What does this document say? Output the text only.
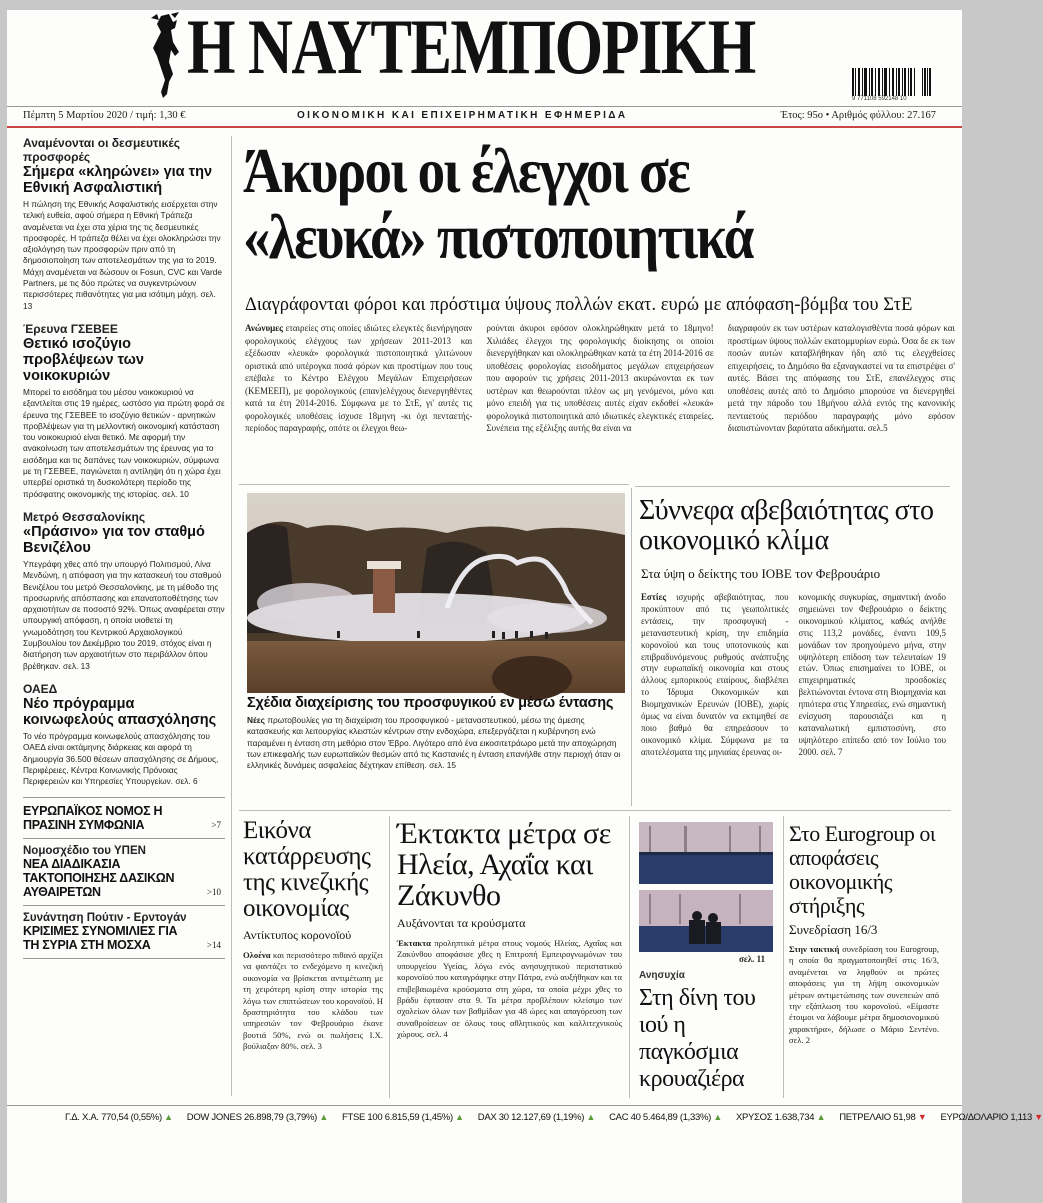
Η ΝΑΥΤΕΜΠΟΡΙΚΗ
9 771108 592148 10
Πέμπτη 5 Μαρτίου 2020 / τιμή: 1,30 €	ΟΙΚΟΝΟΜΙΚΗ ΚΑΙ ΕΠΙΧΕΙΡΗΜΑΤΙΚΗ ΕΦΗΜΕΡΙΔΑ	Έτος: 95ο • Αριθμός φύλλου: 27.167
Αναμένονται οι δεσμευτικές προσφορές
Σήμερα «κληρώνει» για την Εθνική Ασφαλιστική
Η πώληση της Εθνικής Ασφαλιστικής εισέρχεται στην τελική ευθεία, αφού σήμερα η Εθνική Τράπεζα αναμένεται να έχει στα χέρια της τις δεσμευτικές προσφορές. Η τράπεζα θέλει να έχει ολοκληρώσει την αξιολόγηση των προσφορών πριν από τη δημοσιοποίηση των αποτελεσμάτων της για το 2019. Μάχη αναμένεται να δώσουν οι Fosun, CVC και Varde Partners, με τις δύο πρώτες να συγκεντρώνουν περισσότερες πιθανότητες για μια ισότιμη μάχη. σελ. 13
Έρευνα ΓΣΕΒΕΕ
Θετικό ισοζύγιο προβλέψεων των νοικοκυριών
Μπορεί το εισόδημα του μέσου νοικοκυριού να εξαντλείται στις 19 ημέρες, ωστόσο για πρώτη φορά σε έρευνα της ΓΣΕΒΕΕ το ισοζύγιο θετικών - αρνητικών προβλέψεων για τη μελλοντική οικονομική κατάσταση του νοικοκυριού είναι θετικό. Με αφορμή την ανακοίνωση των αποτελεσμάτων της έρευνας για το εισόδημα και τις δαπάνες των νοικοκυριών, σύμφωνα με τη ΓΣΕΒΕΕ, παγιώνεται η αντίληψη ότι η χώρα έχει υπερβεί οριστικά τη δυσκολότερη περίοδο της πρόσφατης οικονομικής της ιστορίας. σελ. 10
Μετρό Θεσσαλονίκης
«Πράσινο» για τον σταθμό Βενιζέλου
Υπεγράφη χθες από την υπουργό Πολιτισμού, Λίνα Μενδώνη, η απόφαση για την κατασκευή του σταθμού Βενιζέλου του μετρό Θεσσαλονίκης, με τη μέθοδο της προσωρινής απόσπασης και επανατοποθέτησης των αρχαιοτήτων σε ποσοστό 92%. Όπως αναφέρεται στην υπουργική απόφαση, η οποία υιοθετεί τη γνωμοδότηση του Κεντρικού Αρχαιολογικού Συμβουλίου τον Δεκέμβριο του 2019, στόχος είναι η διατήρηση των αρχαιοτήτων στο περιβάλλον όπου βρέθηκαν. σελ. 13
ΟΑΕΔ
Νέο πρόγραμμα κοινωφελούς απασχόλησης
Το νέο πρόγραμμα κοινωφελούς απασχόλησης του ΟΑΕΔ είναι οκτάμηνης διάρκειας και αφορά τη δημιουργία 36.500 θέσεων απασχόλησης σε Δήμους, Περιφέρειες, Κέντρα Κοινωνικής Πρόνοιας Περιφερειών και Υπηρεσίες Υπουργείων. σελ. 6
ΕΥΡΩΠΑΪΚΟΣ ΝΟΜΟΣ Η ΠΡΑΣΙΝΗ ΣΥΜΦΩΝΙΑ	>7
Νομοσχέδιο του ΥΠΕΝ
ΝΕΑ ΔΙΑΔΙΚΑΣΙΑ ΤΑΚΤΟΠΟΙΗΣΗΣ ΔΑΣΙΚΩΝ ΑΥΘΑΙΡΕΤΩΝ	>10
Συνάντηση Πούτιν - Ερντογάν
ΚΡΙΣΙΜΕΣ ΣΥΝΟΜΙΛΙΕΣ ΓΙΑ ΤΗ ΣΥΡΙΑ ΣΤΗ ΜΟΣΧΑ	>14
Άκυροι οι έλεγχοι σε
«λευκά» πιστοποιητικά
Διαγράφονται φόροι και πρόστιμα ύψους πολλών εκατ. ευρώ με απόφαση-βόμβα του ΣτΕ
Ανώνυμες εταιρείες στις οποίες ιδιώτες ελεγκτές διενήργησαν φορολογικούς ελέγχους των χρήσεων 2011-2013 και εξέδωσαν «λευκά» φορολογικά πιστοποιητικά γλιτώνουν οριστικά από υπέρογκα ποσά φόρων και προστίμων που τους επέβαλε το Κέντρο Ελέγχου Μεγάλων Επιχειρήσεων (ΚΕΜΕΕΠ), με φορολογικούς (επαν)ελέγχους διενεργηθέντες κατά τα έτη 2014-2016. Σύμφωνα με το ΣτΕ, γι' αυτές τις φορολογικές υποθέσεις ίσχυσε 18μηνη -κι όχι πενταετής- περίοδος παραγραφής, οπότε οι έλεγχοι θεω-
ρούνται άκυροι εφόσον ολοκληρώθηκαν μετά το 18μηνο! Χιλιάδες έλεγχοι της φορολογικής διοίκησης οι οποίοι διενεργήθηκαν και ολοκληρώθηκαν κατά τα έτη 2014-2016 σε υποθέσεις φορολογίας εισοδήματος μεγάλων επιχειρήσεων που αφορούν τις χρήσεις 2011-2013 ακυρώνονται εκ των υστέρων και θεωρούνται πλέον ως μη γενόμενοι, μόνο και μόνο επειδή για τις υποθέσεις αυτές είχαν εκδοθεί «λευκά» φορολογικά πιστοποιητικά από ιδιωτικές ελεγκτικές εταιρείες. Συνέπεια της εξέλιξης αυτής θα είναι να
διαγραφούν εκ των υστέρων καταλογισθέντα ποσά φόρων και προστίμων ύψους πολλών εκατομμυρίων ευρώ. Όσα δε εκ των ποσών αυτών καταβλήθηκαν ήδη από τις ελεγχθείσες επιχειρήσεις, το Δημόσιο θα εξαναγκαστεί να τα επιστρέψει σ' αυτές. Βάσει της απόφασης του ΣτΕ, επανέλεγχος στις υποθέσεις αυτές από το Δημόσιο μπορούσε να διενεργηθεί μετά την πάροδο του 18μήνου αλλά εντός της κανονικής πενταετούς περιόδου παραγραφής μόνο εφόσον διαπιστώνονταν βαρύτατα αδικήματα. σελ.5
Σχέδια διαχείρισης του προσφυγικού εν μέσω έντασης
Νέες πρωτοβουλίες για τη διαχείριση του προσφυγικού - μεταναστευτικού, μέσω της άμεσης κατασκευής και λειτουργίας κλειστών κέντρων στην ενδοχώρα, επεξεργάζεται η κυβέρνηση ενώ παραμένει η ένταση στη μεθόριο στον Έβρο. Λιγότερο από ένα εικοσιτετράωρο μετά την αποχώρηση των επικεφαλής των ευρωπαϊκών θεσμών από τις Καστανιές η ένταση επανήλθε στην περιοχή όταν οι ελληνικές δυνάμεις ασφαλείας δέχτηκαν επίθεση. σελ. 15
Σύννεφα αβεβαιότητας στο οικονομικό κλίμα
Στα ύψη ο δείκτης του ΙΟΒΕ τον Φεβρουάριο
Εστίες ισχυρής αβεβαιότητας, που προκύπτουν από τις γεωπολιτικές εντάσεις, την προσφυγική - μεταναστευτική κρίση, την επιδημία κορονοϊού και τους υποτονικούς και επιβραδυνόμενους ρυθμούς ανάπτυξης στην ευρωπαϊκή οικονομία και στους άλλους εμπορικούς εταίρους, διαβλέπει το Ίδρυμα Οικονομικών και Βιομηχανικών Ερευνών (ΙΟΒΕ), χωρίς όμως να είναι δυνατόν να εκτιμηθεί σε ποιο βαθμό θα επηρεάσουν το οικονομικό κλίμα. Σύμφωνα με τα αποτελέσματα της μηνιαίας έρευνας οι-
κονομικής συγκυρίας, σημαντική άνοδο σημειώνει τον Φεβρουάριο ο δείκτης οικονομικού κλίματος, καθώς ανήλθε στις 113,2 μονάδες, έναντι 109,5 μονάδων τον προηγούμενο μήνα, στην υψηλότερη επίδοση των τελευταίων 19 ετών. Όπως επισημαίνει το ΙΟΒΕ, οι επιχειρηματικές προσδοκίες βελτιώνονται έντονα στη Βιομηχανία και ηπιότερα στις Υπηρεσίες, ενώ σημαντική ενίσχυση παρουσιάζει και η καταναλωτική εμπιστοσύνη, στο υψηλότερο επίπεδο από τον Ιούλιο του 2000. σελ. 7
Εικόνα κατάρρευσης της κινεζικής οικονομίας
Αντίκτυπος κορονοϊού
Ολοένα και περισσότερο πιθανό αρχίζει να φαντάζει το ενδεχόμενο η κινεζική οικονομία να βρίσκεται αντιμέτωπη με τη χειρότερη κρίση στην ιστορία της λόγω των επιπτώσεων του κορονοϊού. Η δραστηριότητα του κλάδου των υπηρεσιών τον Φεβρουάριο έκανε βουτιά 50%, ενώ οι πωλήσεις Ι.Χ. βούλιαξαν 80%. σελ. 3
Έκτακτα μέτρα σε Ηλεία, Αχαΐα και Ζάκυνθο
Αυξάνονται τα κρούσματα
Έκτακτα προληπτικά μέτρα στους νομούς Ηλείας, Αχαΐας και Ζακύνθου αποφάσισε χθες η Επιτροπή Εμπειρογνωμόνων του υπουργείου Υγείας, λόγω ενός ανησυχητικού περιστατικού κορονοϊού που καταγράφηκε στην Πάτρα, ενώ αυξήθηκαν και τα επιβεβαιωμένα κρούσματα στη χώρα, τα οποία μέχρι χθες το βράδυ έφτασαν στα 9. Τα μέτρα προβλέπουν κλείσιμο των σχολείων όλων των βαθμίδων για 48 ώρες και απαγόρευση των συναθροίσεων σε όλους τους αθλητικούς και καλλιτεχνικούς χώρους. σελ. 4
σελ. 11
Ανησυχία
Στη δίνη του ιού η παγκόσμια κρουαζιέρα
Στο Eurogroup οι αποφάσεις οικονομικής στήριξης
Συνεδρίαση 16/3
Στην τακτική συνεδρίαση του Eurogroup, η οποία θα πραγματοποιηθεί στις 16/3, αναμένεται να ληφθούν οι πρώτες αποφάσεις για τη λήψη οικονομικών μέτρων αντιμετώπισης των συνεπειών από την εξάπλωση του κορονοϊού. «Είμαστε έτοιμοι να λάβουμε μέτρα δημοσιονομικού χαρακτήρα», δήλωσε ο Μάριο Σεντένο. σελ. 2
Γ.Δ. Χ.Α. 770,54 (0,55%) ▲ DOW JONES 26.898,79 (3,79%) ▲ FTSE 100 6.815,59 (1,45%) ▲ DAX 30 12.127,69 (1,19%) ▲ CAC 40 5.464,89 (1,33%) ▲ ΧΡΥΣΟΣ 1.638,734 ▲ ΠΕΤΡΕΛΑΙΟ 51,98 ▼ ΕΥΡΩ/ΔΟΛΑΡΙΟ 1,113 ▼
